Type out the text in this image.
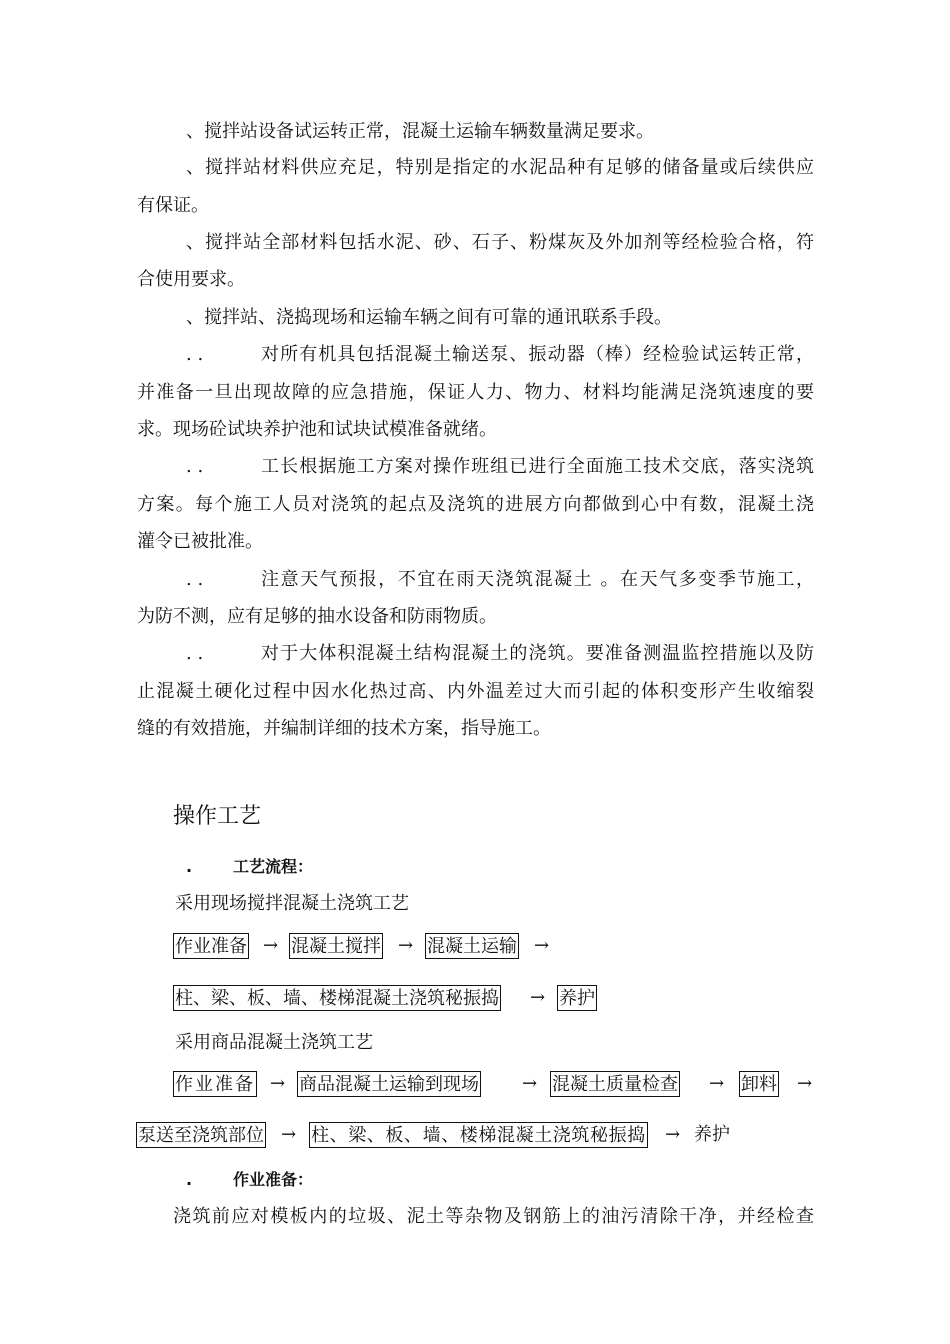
、搅拌站设备试运转正常，混凝土运输车辆数量满足要求。
、搅拌站材料供应充足，特别是指定的水泥品种有足够的储备量或后续供应
有保证。
、搅拌站全部材料包括水泥、砂、石子、粉煤灰及外加剂等经检验合格，符
合使用要求。
、搅拌站、浇捣现场和运输车辆之间有可靠的通讯联系手段。
. .	对所有机具包括混凝土输送泵、振动器（棒）经检验试运转正常，
并准备一旦出现故障的应急措施，保证人力、物力、材料均能满足浇筑速度的要
求。现场砼试块养护池和试块试模准备就绪。
. .	工长根据施工方案对操作班组已进行全面施工技术交底，落实浇筑
方案。每个施工人员对浇筑的起点及浇筑的进展方向都做到心中有数，混凝土浇
灌令已被批准。
. .	注意天气预报，不宜在雨天浇筑混凝土 。在天气多变季节施工，
为防不测，应有足够的抽水设备和防雨物质。
. .	对于大体积混凝土结构混凝土的浇筑。要准备测温监控措施以及防
止混凝土硬化过程中因水化热过高、内外温差过大而引起的体积变形产生收缩裂
缝的有效措施，并编制详细的技术方案，指导施工。
操作工艺
.	工艺流程：
采用现场搅拌混凝土浇筑工艺
作业准备 → 混凝土搅拌 → 混凝土运输 →
柱、梁、板、墙、楼梯混凝土浇筑秘振捣 → 养护
采用商品混凝土浇筑工艺
作业准备 → 商品混凝土运输到现场 → 混凝土质量检查 → 卸料 →
泵送至浇筑部位 → 柱、梁、板、墙、楼梯混凝土浇筑秘振捣 → 养护
.	作业准备：
浇筑前应对模板内的垃圾、泥土等杂物及钢筋上的油污清除干净，并经检查
